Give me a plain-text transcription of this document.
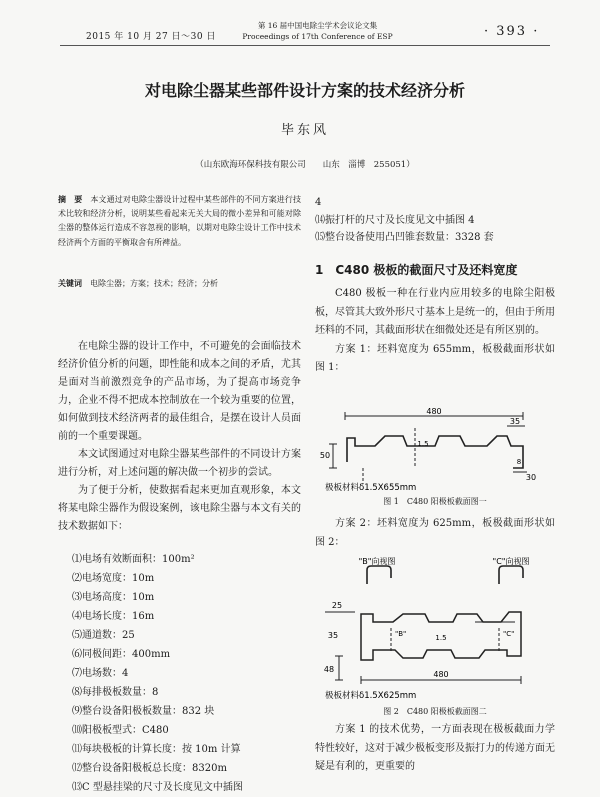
2015 年 10 月 27 日～30 日
第 16 届中国电除尘学术会议论文集
Proceedings of 17th Conference of ESP	· 393 ·
对电除尘器某些部件设计方案的技术经济分析
毕东风
（山东欧海环保科技有限公司　　山东　淄博　255051）
摘　要　 本文通过对电除尘器设计过程中某些部件的不同方案进行技术比较和经济分析，说明某些看起来无关大局的微小差异和可能对除尘器的整体运行造成不容忽视的影响，以期对电除尘设计工作中技术经济两个方面的平衡取舍有所裨益。
关键词　 电除尘器；方案；技术；经济；分析

在电除尘器的设计工作中，不可避免的会面临技术经济价值分析的问题，即性能和成本之间的矛盾，尤其是面对当前激烈竞争的产品市场，为了提高市场竞争力，企业不得不把成本控制放在一个较为重要的位置，如何做到技术经济两者的最佳组合，是摆在设计人员面前的一个重要课题。

本文试图通过对电除尘器某些部件的不同设计方案进行分析，对上述问题的解决做一个初步的尝试。

为了便于分析，使数据看起来更加直观形象，本文将某电除尘器作为假设案例，该电除尘器与本文有关的技术数据如下：

⑴电场有效断面积：100m²
⑵电场宽度：10m
⑶电场高度：10m
⑷电场长度：16m
⑸通道数：25
⑹同极间距：400mm
⑺电场数：4
⑻每排极板数量：8
⑼整台设备阳极板数量：832 块
⑽阳极板型式：C480
⑾每块极板的计算长度：按 10m 计算
⑿整台设备阳极板总长度：8320m
⒀C 型悬挂梁的尺寸及长度见文中插图
4
⒁振打杆的尺寸及长度见文中插图 4
⒂整台设备使用凸凹锥套数量：3328 套
1　C480 极板的截面尺寸及还料宽度

C480 极板一种在行业内应用较多的电除尘阳极板，尽管其大致外形尺寸基本上是统一的，但由于所用坯料的不同，其截面形状在细微处还是有所区别的。

方案 1：坯料宽度为 655mm，板极截面形状如图 1：

480
35
50
1.5
30
8
极板材料δ1.5X655mm
图 1　C480 阳极板截面图一

方案 2：坯料宽度为 625mm，板极截面形状如图 2：

"B"向视图	"C"向视图
"B"	"C"
25
35
48
1.5
480
极板材料δ1.5X625mm
图 2　C480 阳极板截面图二

方案 1 的技术优势，一方面表现在极板截面力学特性较好，这对于减少极板变形及振打力的传递方面无疑是有利的，更重要的
